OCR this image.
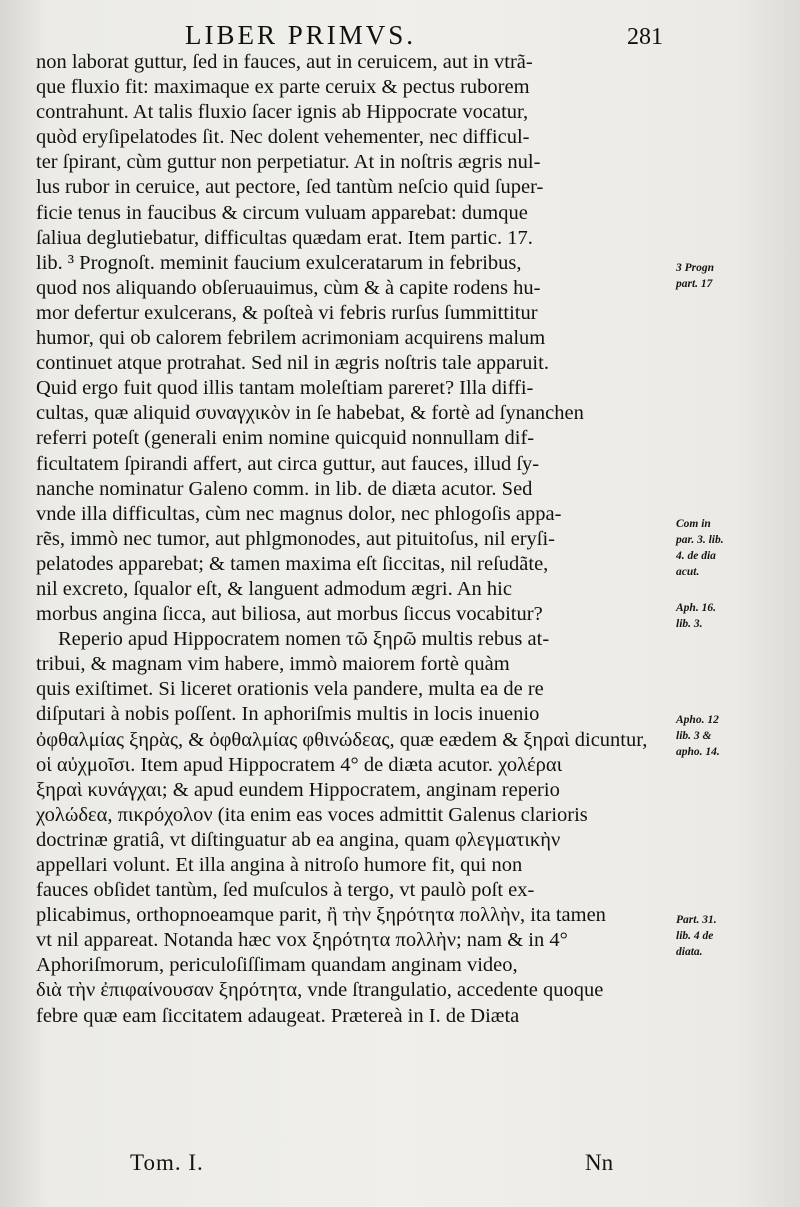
LIBER PRIMVS.	281
non laborat guttur, ſed in fauces, aut in ceruicem, aut in vtrã-
que fluxio fit: maximaque ex parte ceruix & pectus ruborem
contrahunt. At talis fluxio ſacer ignis ab Hippocrate vocatur,
quòd eryſipelatodes ſit. Nec dolent vehementer, nec difficul-
ter ſpirant, cùm guttur non perpetiatur. At in noſtris ægris nul-
lus rubor in ceruice, aut pectore, ſed tantùm neſcio quid ſuper-
ficie tenus in faucibus & circum vuluam apparebat: dumque
ſaliua deglutiebatur, difficultas quædam erat. Item partic. 17.
lib. ³ Prognoſt. meminit faucium exulceratarum in febribus,
quod nos aliquando obſeruauimus, cùm & à capite rodens hu-
mor defertur exulcerans, & poſteà vi febris rurſus ſummittitur
humor, qui ob calorem febrilem acrimoniam acquirens malum
continuet atque protrahat. Sed nil in ægris noſtris tale apparuit.
Quid ergo fuit quod illis tantam moleſtiam pareret? Illa diffi-
cultas, quæ aliquid συναγχικὸν in ſe habebat, & fortè ad ſynanchen
referri poteſt (generali enim nomine quicquid nonnullam dif-
ficultatem ſpirandi affert, aut circa guttur, aut fauces, illud ſy-
nanche nominatur Galeno comm. in lib. de diæta acutor. Sed
vnde illa difficultas, cùm nec magnus dolor, nec phlogoſis appa-
rẽs, immò nec tumor, aut phlgmonodes, aut pituitoſus, nil eryſi-
pelatodes apparebat; & tamen maxima eſt ſiccitas, nil reſudãte,
nil excreto, ſqualor eſt, & languent admodum ægri. An hic
morbus angina ſicca, aut biliosa, aut morbus ſiccus vocabitur?
Reperio apud Hippocratem nomen τῶ ξηρῶ multis rebus at-
tribui, & magnam vim habere, immò maiorem fortè quàm
quis exiſtimet. Si liceret orationis vela pandere, multa ea de re
diſputari à nobis poſſent. In aphoriſmis multis in locis inuenio
ὀφθαλμίας ξηρὰς, & ὀφθαλμίας φθινώδεας, quæ eædem & ξηραὶ dicuntur,
οἱ αὐχμοῖσι. Item apud Hippocratem 4° de diæta acutor. χολέραι
ξηραὶ κυνάγχαι; & apud eundem Hippocratem, anginam reperio
χολώδεα, πικρόχολον (ita enim eas voces admittit Galenus clarioris
doctrinæ gratiâ, vt diſtinguatur ab ea angina, quam φλεγματικὴν
appellari volunt. Et illa angina à nitroſo humore fit, qui non
fauces obſidet tantùm, ſed muſculos à tergo, vt paulò poſt ex-
plicabimus, orthopnoeamque parit, ἢ τὴν ξηρότητα πολλὴν, ita tamen
vt nil appareat. Notanda hæc vox ξηρότητα πολλὴν; nam & in 4°
Aphoriſmorum, periculoſiſſimam quandam anginam video,
διὰ τὴν ἐπιφαίνουσαν ξηρότητα, vnde ſtrangulatio, accedente quoque
febre quæ eam ſiccitatem adaugeat. Prætereà in I. de Diæta
3 Progn
part. 17
Com in
par. 3. lib.
4. de dia
acut.
Aph. 16.
lib. 3.
Apho. 12
lib. 3 &
apho. 14.
Part. 31.
lib. 4 de
diata.
Tom. I.	Nn
